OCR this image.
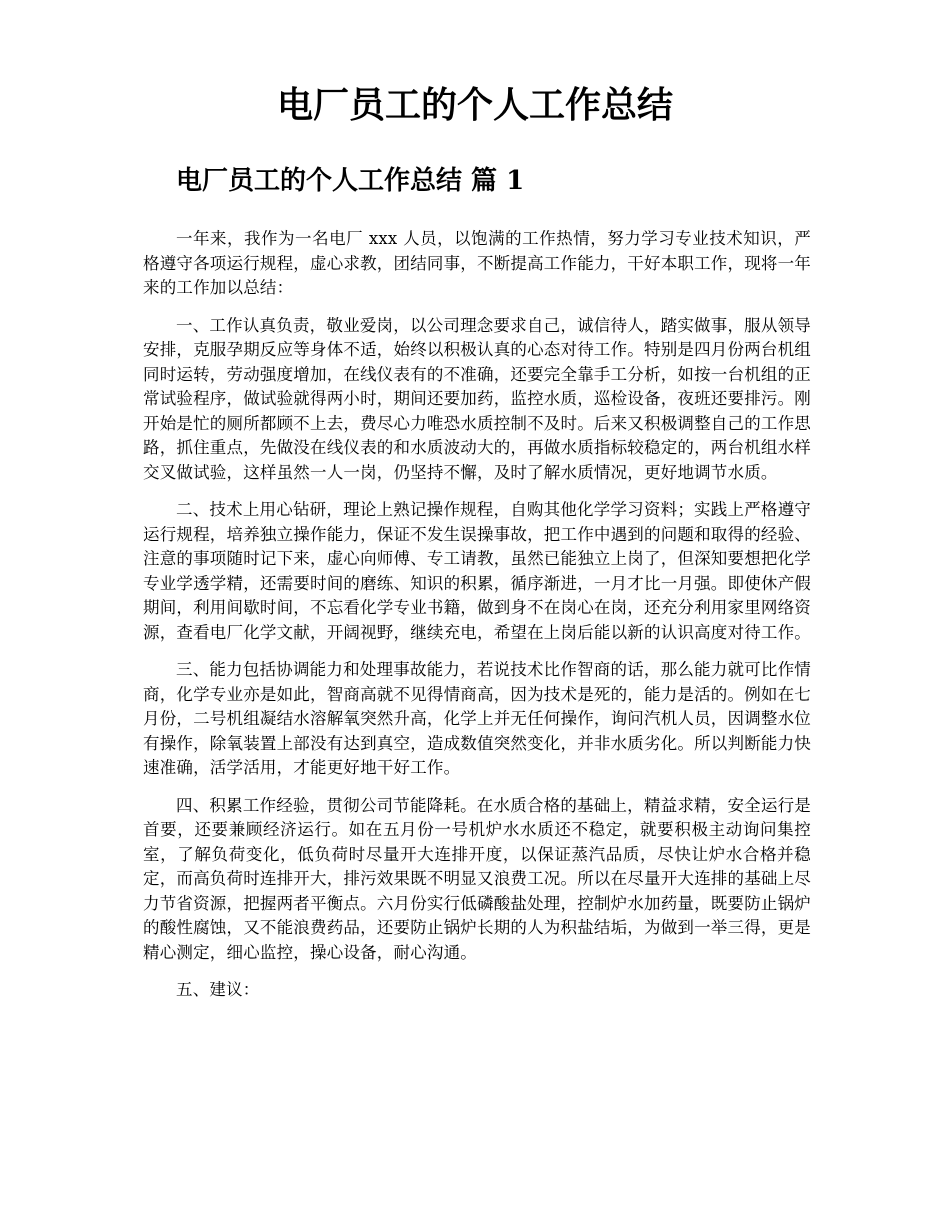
电厂员工的个人工作总结
电厂员工的个人工作总结 篇 1

一年来，我作为一名电厂 xxx 人员，以饱满的工作热情，努力学习专业技术知识，严格遵守各项运行规程，虚心求教，团结同事，不断提高工作能力，干好本职工作，现将一年来的工作加以总结：

一、工作认真负责，敬业爱岗，以公司理念要求自己，诚信待人，踏实做事，服从领导安排，克服孕期反应等身体不适，始终以积极认真的心态对待工作。特别是四月份两台机组同时运转，劳动强度增加，在线仪表有的不准确，还要完全靠手工分析，如按一台机组的正常试验程序，做试验就得两小时，期间还要加药，监控水质，巡检设备，夜班还要排污。刚开始是忙的厕所都顾不上去，费尽心力唯恐水质控制不及时。后来又积极调整自己的工作思路，抓住重点，先做没在线仪表的和水质波动大的，再做水质指标较稳定的，两台机组水样交叉做试验，这样虽然一人一岗，仍坚持不懈，及时了解水质情况，更好地调节水质。

二、技术上用心钻研，理论上熟记操作规程，自购其他化学学习资料；实践上严格遵守运行规程，培养独立操作能力，保证不发生误操事故，把工作中遇到的问题和取得的经验、注意的事项随时记下来，虚心向师傅、专工请教，虽然已能独立上岗了，但深知要想把化学专业学透学精，还需要时间的磨练、知识的积累，循序渐进，一月才比一月强。即使休产假期间，利用间歇时间，不忘看化学专业书籍，做到身不在岗心在岗，还充分利用家里网络资源，查看电厂化学文献，开阔视野，继续充电，希望在上岗后能以新的认识高度对待工作。

三、能力包括协调能力和处理事故能力，若说技术比作智商的话，那么能力就可比作情商，化学专业亦是如此，智商高就不见得情商高，因为技术是死的，能力是活的。例如在七月份，二号机组凝结水溶解氧突然升高，化学上并无任何操作，询问汽机人员，因调整水位有操作，除氧装置上部没有达到真空，造成数值突然变化，并非水质劣化。所以判断能力快速准确，活学活用，才能更好地干好工作。

四、积累工作经验，贯彻公司节能降耗。在水质合格的基础上，精益求精，安全运行是首要，还要兼顾经济运行。如在五月份一号机炉水水质还不稳定，就要积极主动询问集控室，了解负荷变化，低负荷时尽量开大连排开度，以保证蒸汽品质，尽快让炉水合格并稳定，而高负荷时连排开大，排污效果既不明显又浪费工况。所以在尽量开大连排的基础上尽力节省资源，把握两者平衡点。六月份实行低磷酸盐处理，控制炉水加药量，既要防止锅炉的酸性腐蚀，又不能浪费药品，还要防止锅炉长期的人为积盐结垢，为做到一举三得，更是精心测定，细心监控，操心设备，耐心沟通。

五、建议：
